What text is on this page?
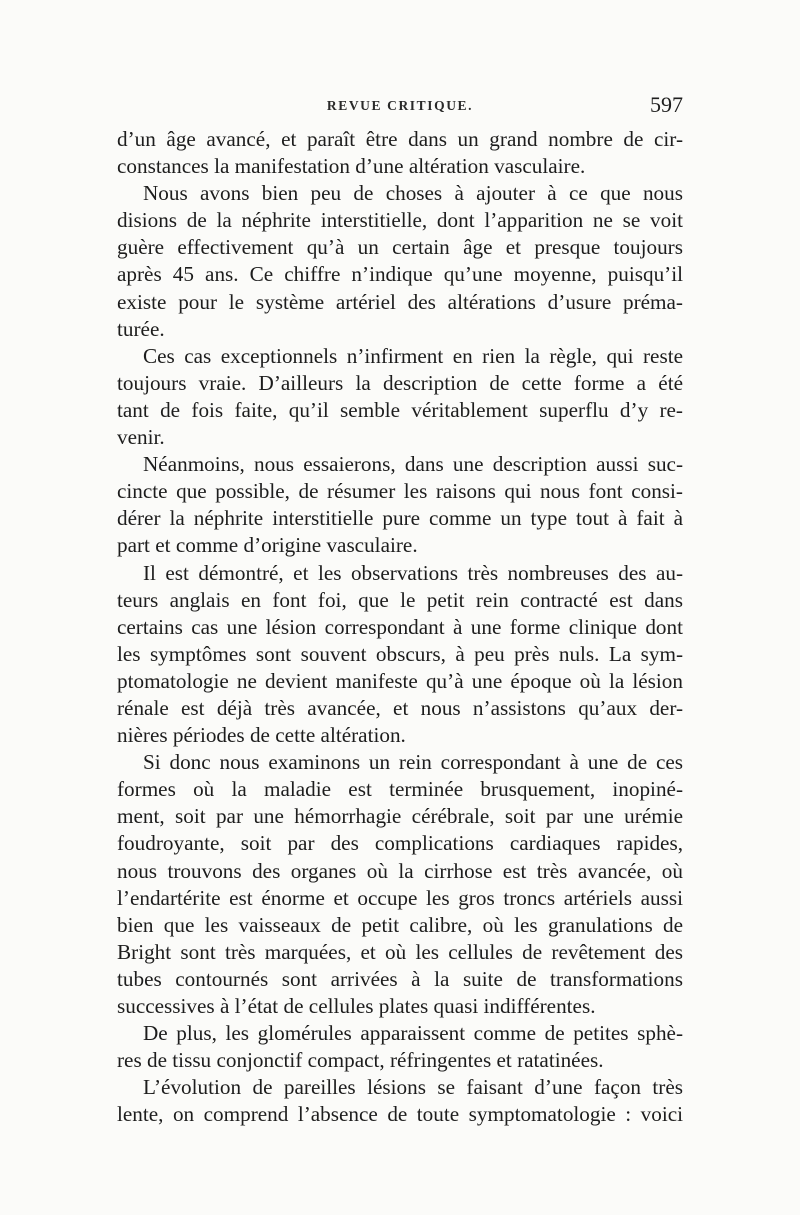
REVUE CRITIQUE.	597
d’un âge avancé, et paraît être dans un grand nombre de cir-
constances la manifestation d’une altération vasculaire.
Nous avons bien peu de choses à ajouter à ce que nous
disions de la néphrite interstitielle, dont l’apparition ne se voit
guère effectivement qu’à un certain âge et presque toujours
après 45 ans. Ce chiffre n’indique qu’une moyenne, puisqu’il
existe pour le système artériel des altérations d’usure préma-
turée.
Ces cas exceptionnels n’infirment en rien la règle, qui reste
toujours vraie. D’ailleurs la description de cette forme a été
tant de fois faite, qu’il semble véritablement superflu d’y re-
venir.
Néanmoins, nous essaierons, dans une description aussi suc-
cincte que possible, de résumer les raisons qui nous font consi-
dérer la néphrite interstitielle pure comme un type tout à fait à
part et comme d’origine vasculaire.
Il est démontré, et les observations très nombreuses des au-
teurs anglais en font foi, que le petit rein contracté est dans
certains cas une lésion correspondant à une forme clinique dont
les symptômes sont souvent obscurs, à peu près nuls. La sym-
ptomatologie ne devient manifeste qu’à une époque où la lésion
rénale est déjà très avancée, et nous n’assistons qu’aux der-
nières périodes de cette altération.
Si donc nous examinons un rein correspondant à une de ces
formes où la maladie est terminée brusquement, inopiné-
ment, soit par une hémorrhagie cérébrale, soit par une urémie
foudroyante, soit par des complications cardiaques rapides,
nous trouvons des organes où la cirrhose est très avancée, où
l’endartérite est énorme et occupe les gros troncs artériels aussi
bien que les vaisseaux de petit calibre, où les granulations de
Bright sont très marquées, et où les cellules de revêtement des
tubes contournés sont arrivées à la suite de transformations
successives à l’état de cellules plates quasi indifférentes.
De plus, les glomérules apparaissent comme de petites sphè-
res de tissu conjonctif compact, réfringentes et ratatinées.
L’évolution de pareilles lésions se faisant d’une façon très
lente, on comprend l’absence de toute symptomatologie : voici
